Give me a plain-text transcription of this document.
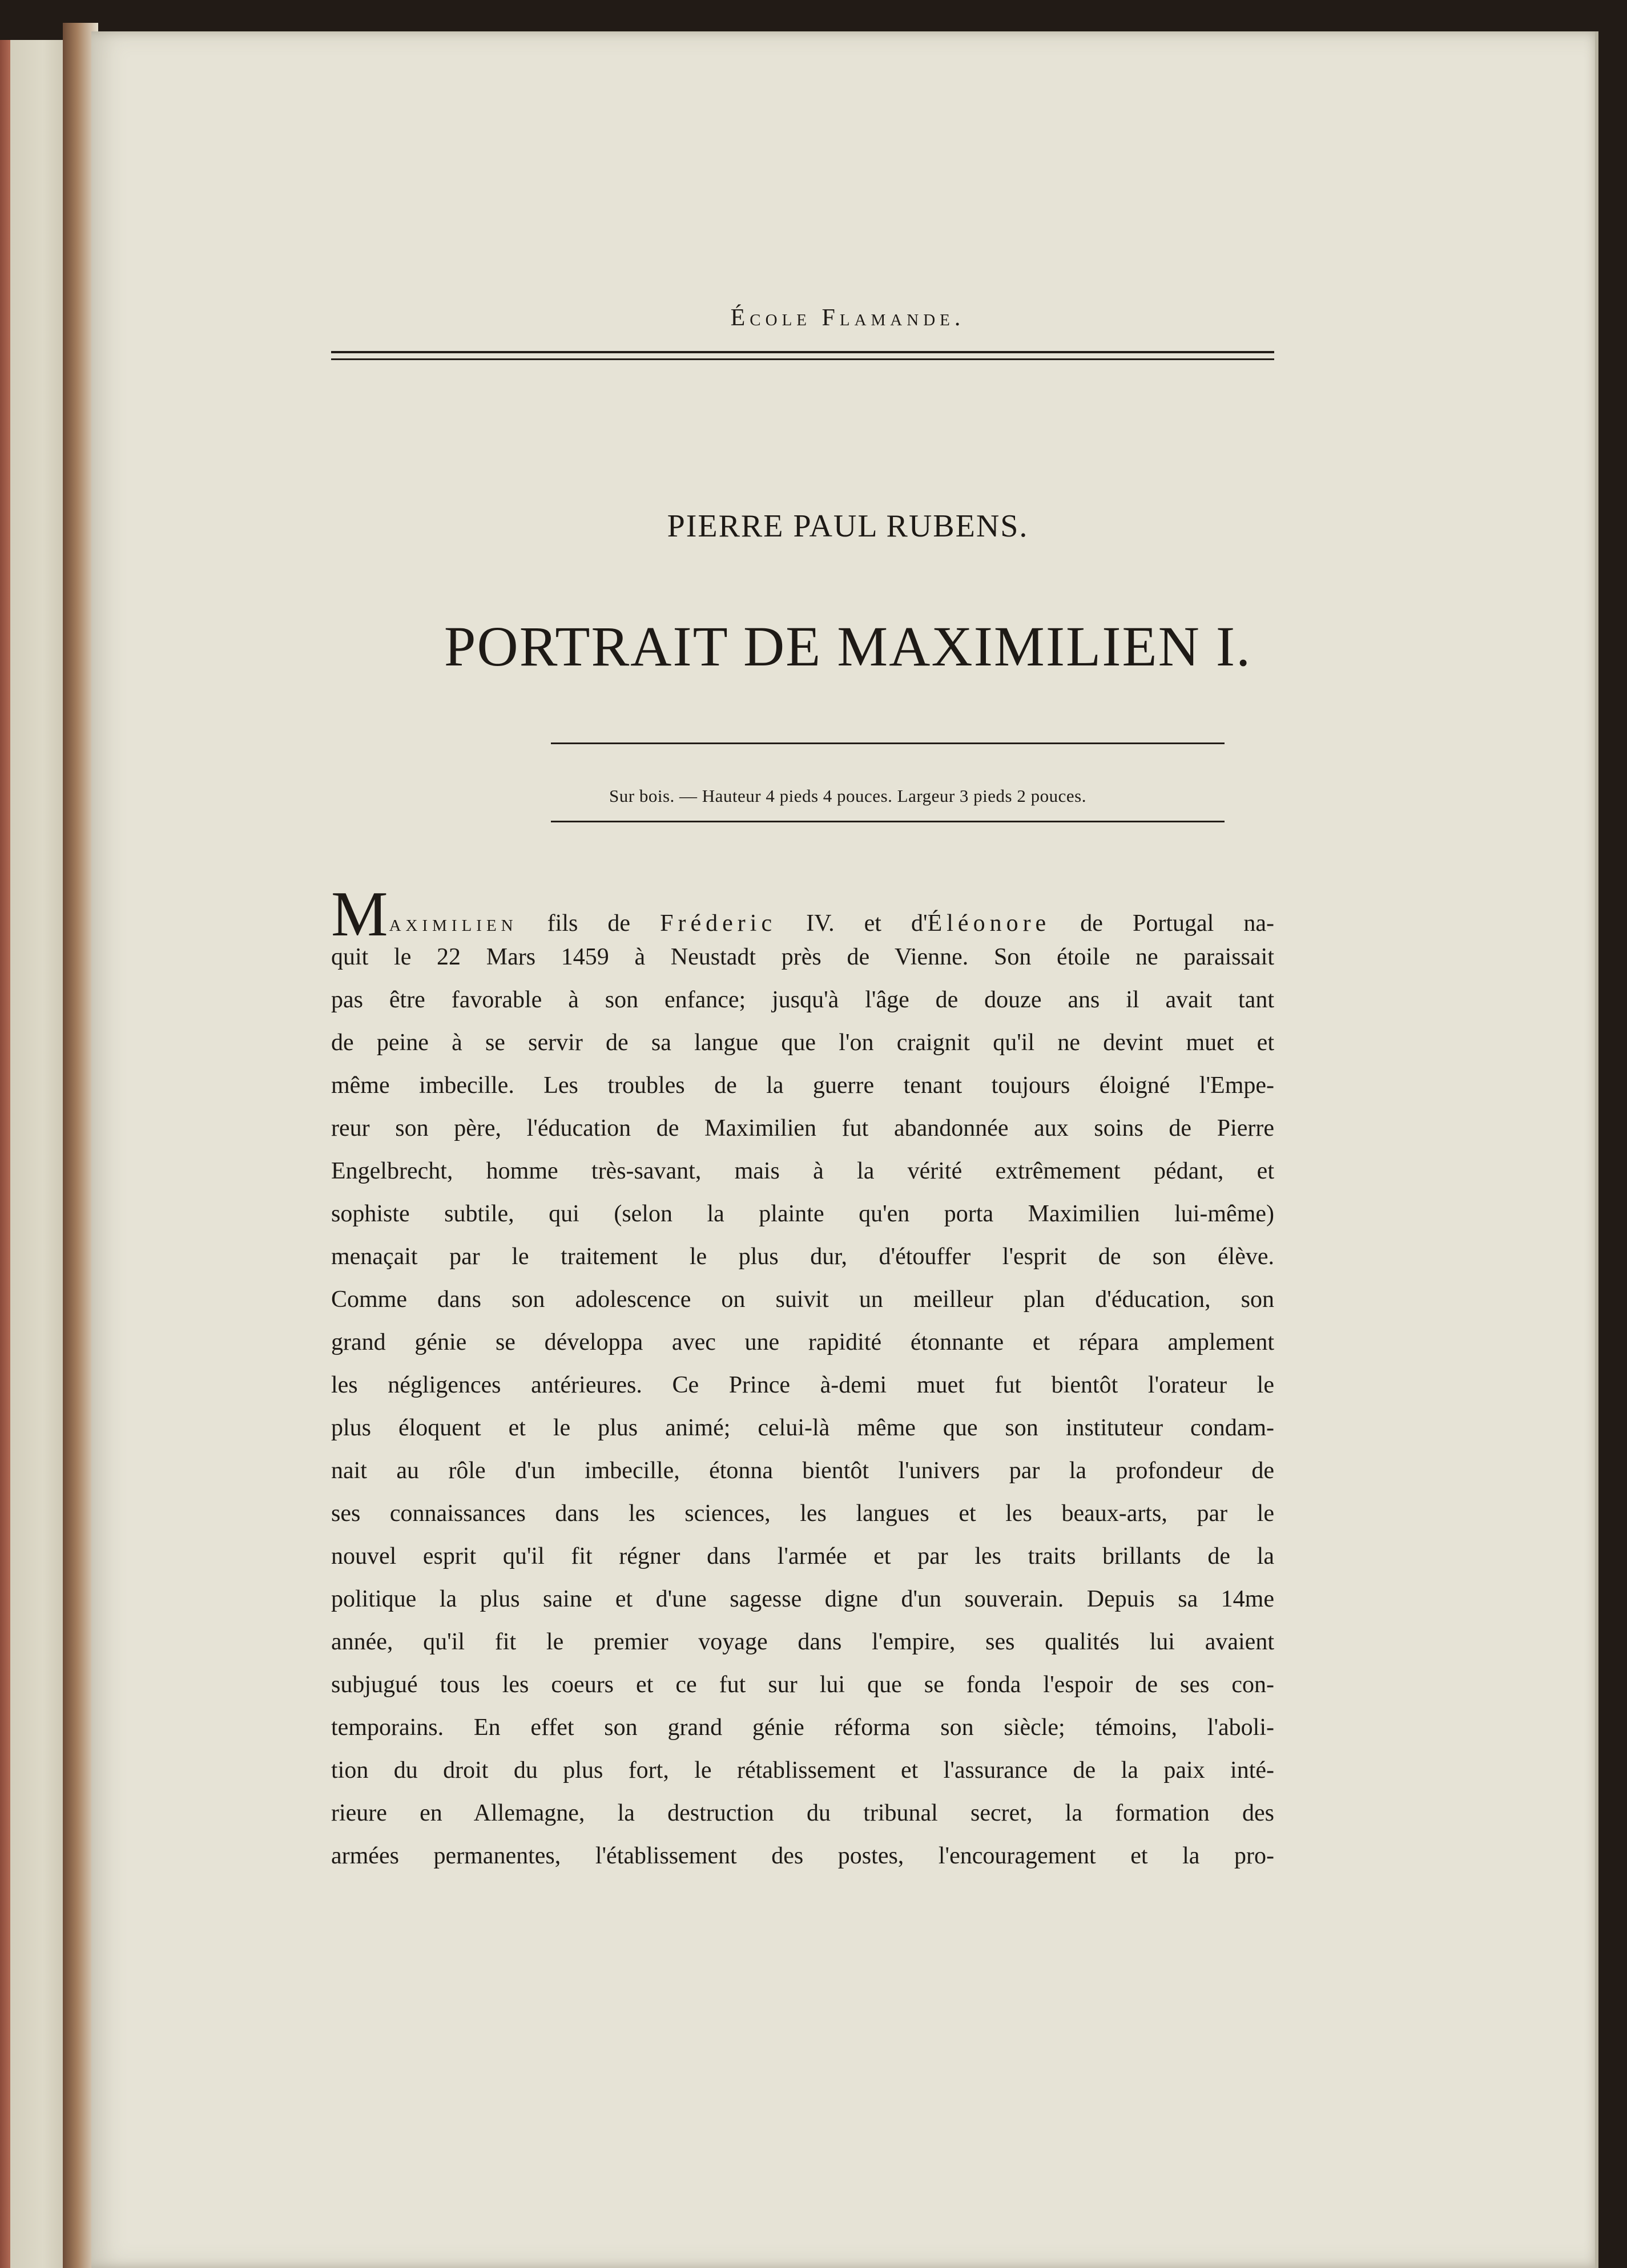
École Flamande.
PIERRE PAUL RUBENS.
PORTRAIT DE MAXIMILIEN I.
Sur bois. — Hauteur 4 pieds 4 pouces. Largeur 3 pieds 2 pouces.
Maximilien fils de Fréderic IV. et d'Éléonore de Portugal na-
quit le 22 Mars 1459 à Neustadt près de Vienne. Son étoile ne paraissait
pas être favorable à son enfance; jusqu'à l'âge de douze ans il avait tant
de peine à se servir de sa langue que l'on craignit qu'il ne devint muet et
même imbecille. Les troubles de la guerre tenant toujours éloigné l'Empe-
reur son père, l'éducation de Maximilien fut abandonnée aux soins de Pierre
Engelbrecht, homme très-savant, mais à la vérité extrêmement pédant, et
sophiste subtile, qui (selon la plainte qu'en porta Maximilien lui-même)
menaçait par le traitement le plus dur, d'étouffer l'esprit de son élève.
Comme dans son adolescence on suivit un meilleur plan d'éducation, son
grand génie se développa avec une rapidité étonnante et répara amplement
les négligences antérieures. Ce Prince à-demi muet fut bientôt l'orateur le
plus éloquent et le plus animé; celui-là même que son instituteur condam-
nait au rôle d'un imbecille, étonna bientôt l'univers par la profondeur de
ses connaissances dans les sciences, les langues et les beaux-arts, par le
nouvel esprit qu'il fit régner dans l'armée et par les traits brillants de la
politique la plus saine et d'une sagesse digne d'un souverain. Depuis sa 14me
année, qu'il fit le premier voyage dans l'empire, ses qualités lui avaient
subjugué tous les coeurs et ce fut sur lui que se fonda l'espoir de ses con-
temporains. En effet son grand génie réforma son siècle; témoins, l'aboli-
tion du droit du plus fort, le rétablissement et l'assurance de la paix inté-
rieure en Allemagne, la destruction du tribunal secret, la formation des
armées permanentes, l'établissement des postes, l'encouragement et la pro-
